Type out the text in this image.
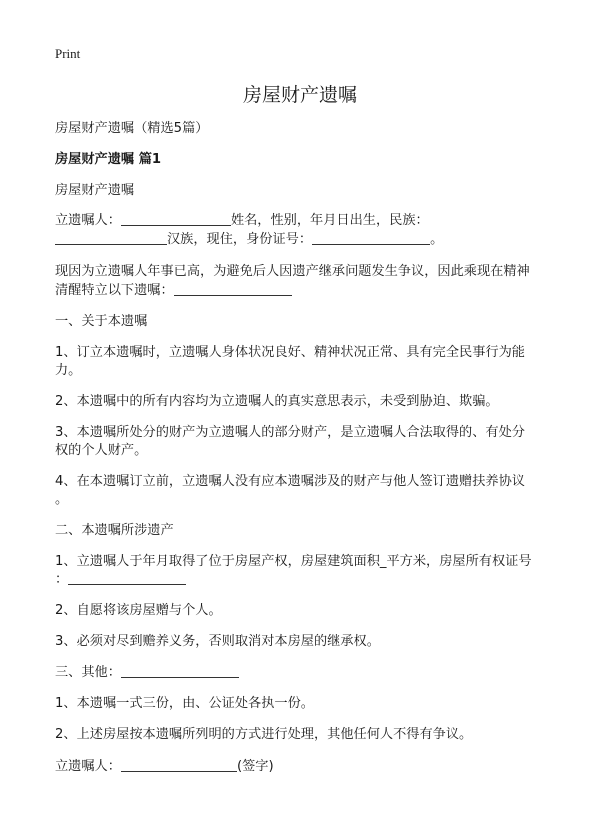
Print
房屋财产遗嘱
房屋财产遗嘱（精选5篇）
房屋财产遗嘱 篇1
房屋财产遗嘱
立遗嘱人：	姓名，性别，年月日出生，民族：
汉族，现住，身份证号：	。
现因为立遗嘱人年事已高，为避免后人因遗产继承问题发生争议，因此乘现在精神
清醒特立以下遗嘱：
一、关于本遗嘱
1、订立本遗嘱时，立遗嘱人身体状况良好、精神状况正常、具有完全民事行为能
力。
2、本遗嘱中的所有内容均为立遗嘱人的真实意思表示，未受到胁迫、欺骗。
3、本遗嘱所处分的财产为立遗嘱人的部分财产，是立遗嘱人合法取得的、有处分
权的个人财产。
4、在本遗嘱订立前，立遗嘱人没有应本遗嘱涉及的财产与他人签订遗赠扶养协议
。
二、本遗嘱所涉遗产
1、立遗嘱人于年月取得了位于房屋产权，房屋建筑面积_平方米，房屋所有权证号
：
2、自愿将该房屋赠与个人。
3、必须对尽到赡养义务，否则取消对本房屋的继承权。
三、其他：
1、本遗嘱一式三份，由、公证处各执一份。
2、上述房屋按本遗嘱所列明的方式进行处理，其他任何人不得有争议。
立遗嘱人：	(签字)
